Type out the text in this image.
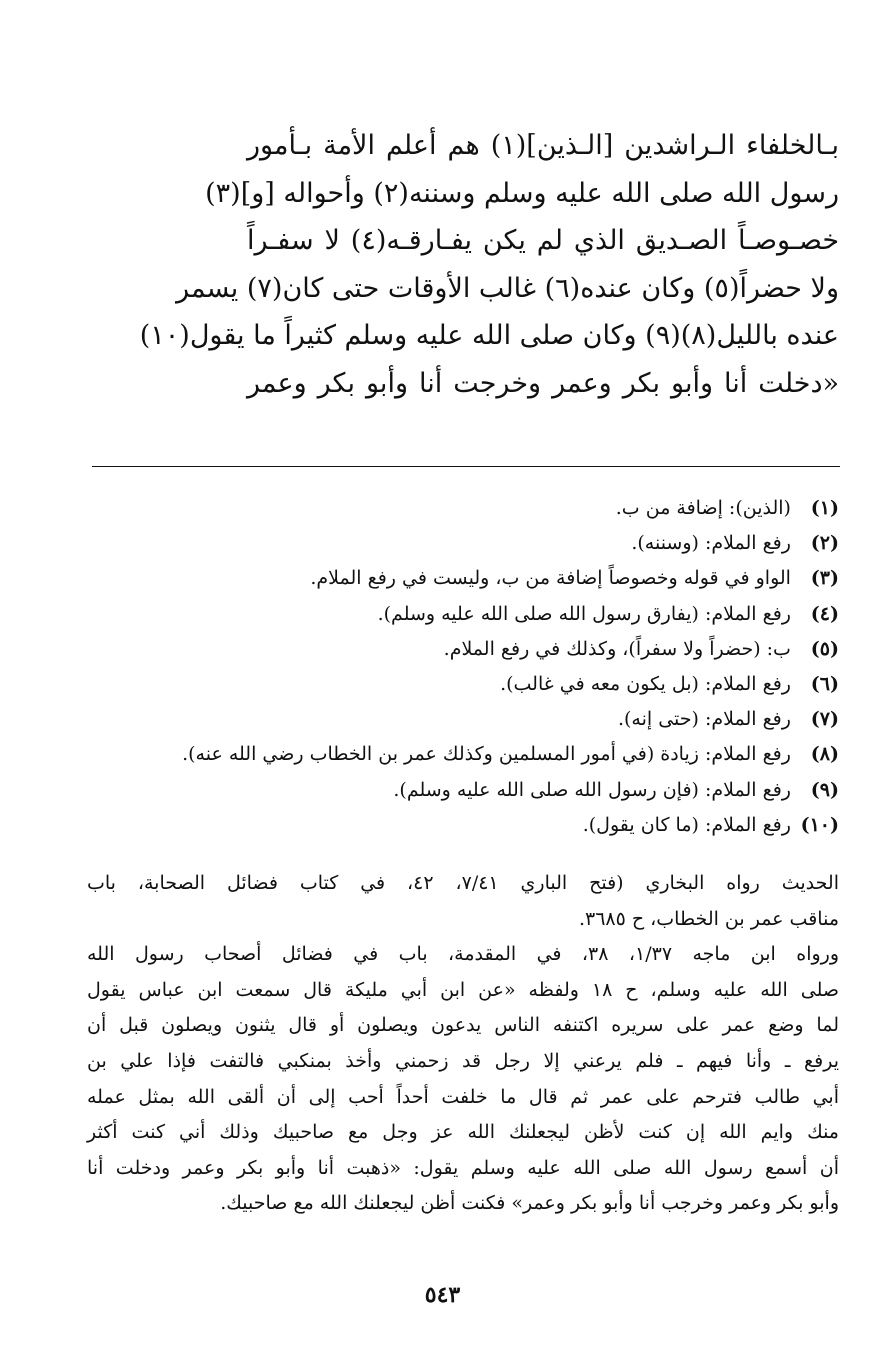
بـالخلفاء الـراشدين [الـذين](١) هم أعلم الأمة بـأمور
رسول الله صلى الله عليه وسلم وسننه(٢) وأحواله [و](٣)
خصـوصـاً الصـديق الذي لم يكن يفـارقـه(٤) لا سفـراً
ولا حضراً(٥) وكان عنده(٦) غالب الأوقات حتى كان(٧) يسمر
عنده بالليل(٨)(٩) وكان صلى الله عليه وسلم كثيراً ما يقول(١٠)
«دخلت أنا وأبو بكر وعمر وخرجت أنا وأبو بكر وعمر
(١) (الذين): إضافة من ب.
(٢) رفع الملام: (وسننه).
(٣) الواو في قوله وخصوصاً إضافة من ب، وليست في رفع الملام.
(٤) رفع الملام: (يفارق رسول الله صلى الله عليه وسلم).
(٥) ب: (حضراً ولا سفراً)، وكذلك في رفع الملام.
(٦) رفع الملام: (بل يكون معه في غالب).
(٧) رفع الملام: (حتى إنه).
(٨) رفع الملام: زيادة (في أمور المسلمين وكذلك عمر بن الخطاب رضي الله عنه).
(٩) رفع الملام: (فإن رسول الله صلى الله عليه وسلم).
(١٠) رفع الملام: (ما كان يقول).
الحديث رواه البخاري (فتح الباري ٧/٤١، ٤٢، في كتاب فضائل الصحابة، باب
مناقب عمر بن الخطاب، ح ٣٦٨٥.
ورواه ابن ماجه ١/٣٧، ٣٨، في المقدمة، باب في فضائل أصحاب رسول الله
صلى الله عليه وسلم، ح ١٨ ولفظه «عن ابن أبي مليكة قال سمعت ابن عباس يقول
لما وضع عمر على سريره اكتنفه الناس يدعون ويصلون أو قال يثنون ويصلون قبل أن
يرفع ـ وأنا فيهم ـ فلم يرعني إلا رجل قد زحمني وأخذ بمنكبي فالتفت فإذا علي بن
أبي طالب فترحم على عمر ثم قال ما خلفت أحداً أحب إلى أن ألقى الله بمثل عمله
منك وايم الله إن كنت لأظن ليجعلنك الله عز وجل مع صاحبيك وذلك أني كنت أكثر
أن أسمع رسول الله صلى الله عليه وسلم يقول: «ذهبت أنا وأبو بكر وعمر ودخلت أنا
وأبو بكر وعمر وخرجب أنا وأبو بكر وعمر» فكنت أظن ليجعلنك الله مع صاحبيك.
٥٤٣
